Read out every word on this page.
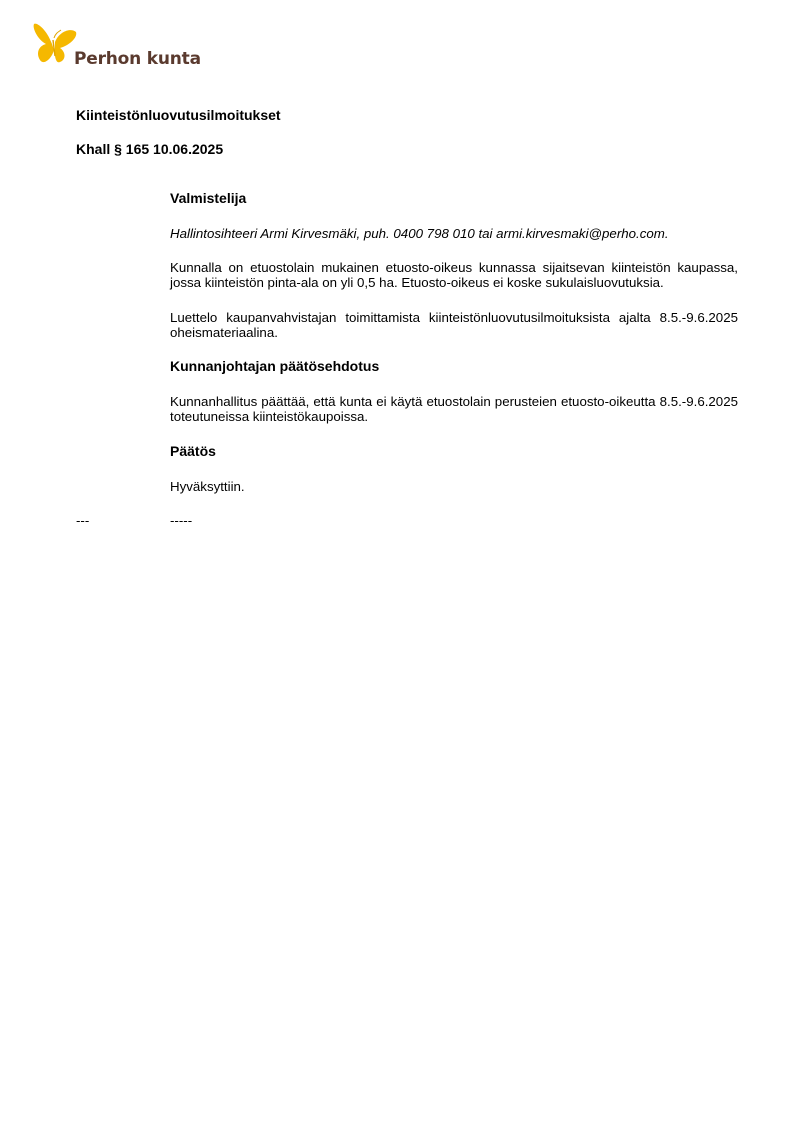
Perhon kunta
Kiinteistönluovutusilmoitukset
Khall § 165 10.06.2025
Valmistelija
Hallintosihteeri Armi Kirvesmäki, puh. 0400 798 010 tai armi.kirvesmaki@perho.com.
Kunnalla on etuostolain mukainen etuosto-oikeus kunnassa sijaitsevan kiinteistön kaupassa, jossa kiinteistön pinta-ala on yli 0,5 ha. Etuosto-oikeus ei koske sukulaisluovutuksia.
Luettelo kaupanvahvistajan toimittamista kiinteistönluovutusilmoituksista ajalta 8.5.-9.6.2025 oheismateriaalina.
Kunnanjohtajan päätösehdotus
Kunnanhallitus päättää, että kunta ei käytä etuostolain perusteien etuosto-oikeutta 8.5.-9.6.2025 toteutuneissa kiinteistökaupoissa.
Päätös
Hyväksyttiin.
---	-----
